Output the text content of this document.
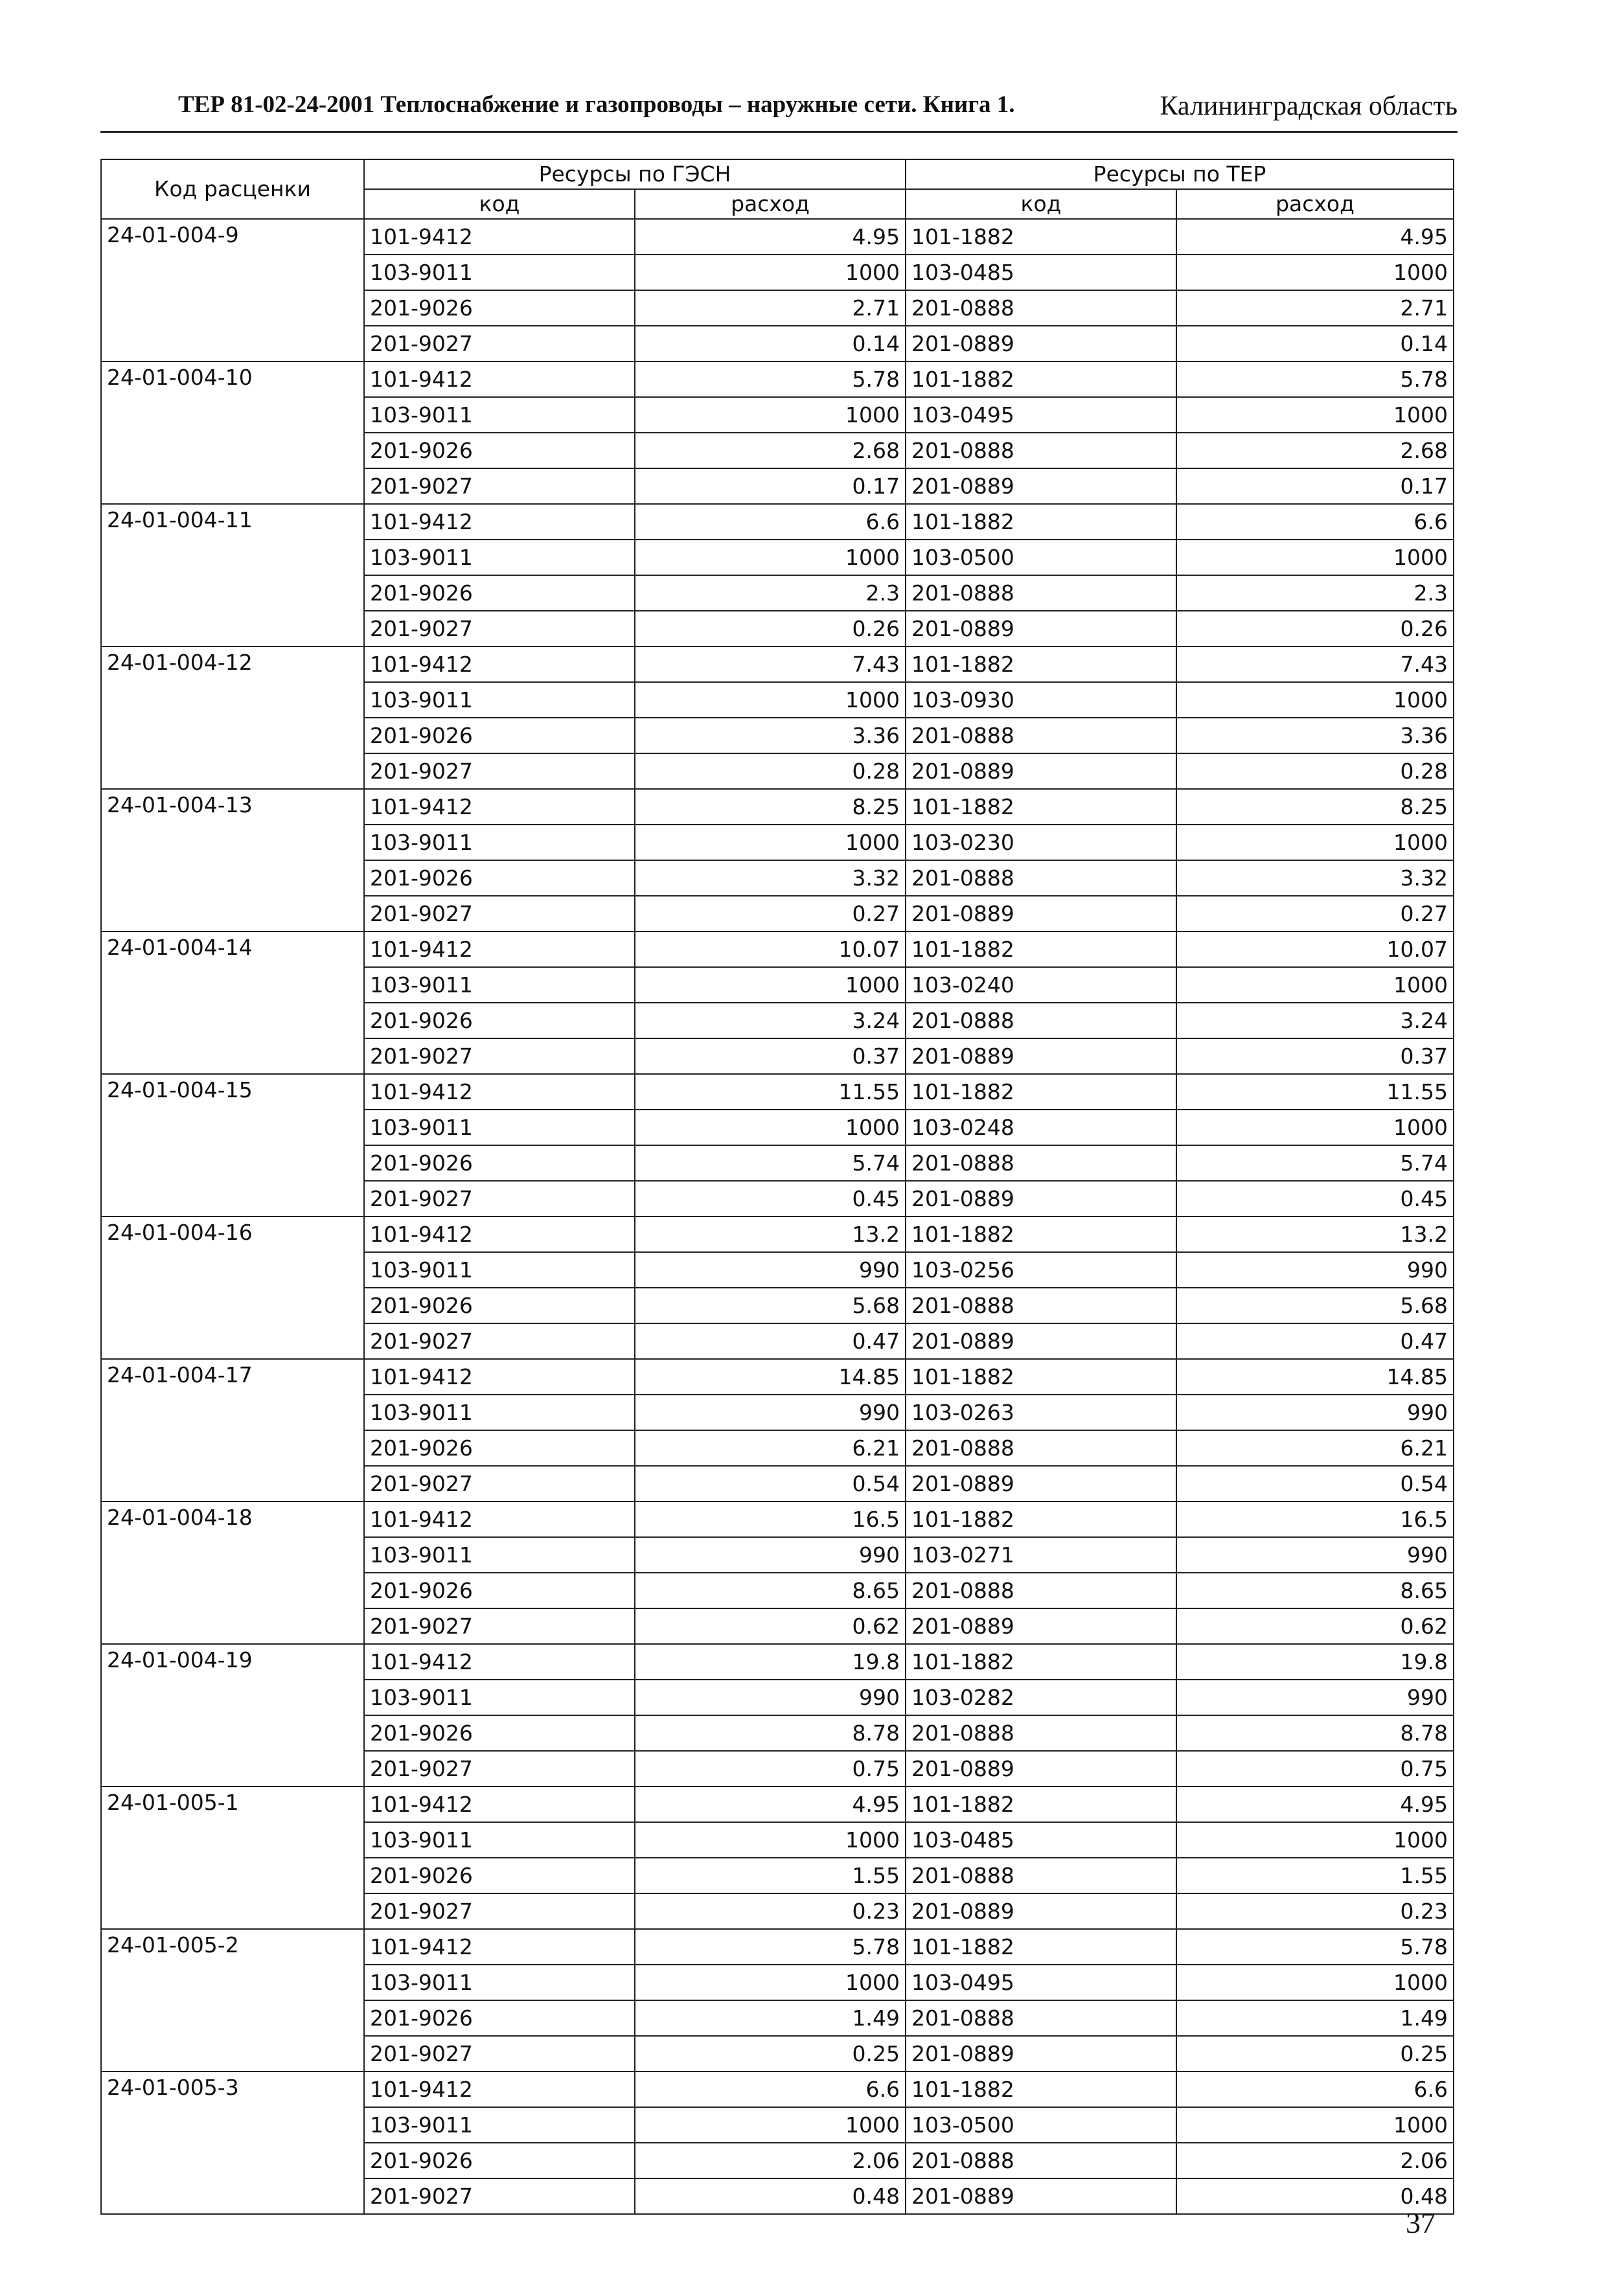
ТЕР 81-02-24-2001 Теплоснабжение и газопроводы – наружные сети. Книга 1.	Калининградская область
Код расценки	Ресурсы по ГЭСН		Ресурсы по ТЕР	
	код	расход	код	расход
24-01-004-9	101-9412	4.95	101-1882	4.95
	103-9011	1000	103-0485	1000
	201-9026	2.71	201-0888	2.71
	201-9027	0.14	201-0889	0.14
24-01-004-10	101-9412	5.78	101-1882	5.78
	103-9011	1000	103-0495	1000
	201-9026	2.68	201-0888	2.68
	201-9027	0.17	201-0889	0.17
24-01-004-11	101-9412	6.6	101-1882	6.6
	103-9011	1000	103-0500	1000
	201-9026	2.3	201-0888	2.3
	201-9027	0.26	201-0889	0.26
24-01-004-12	101-9412	7.43	101-1882	7.43
	103-9011	1000	103-0930	1000
	201-9026	3.36	201-0888	3.36
	201-9027	0.28	201-0889	0.28
24-01-004-13	101-9412	8.25	101-1882	8.25
	103-9011	1000	103-0230	1000
	201-9026	3.32	201-0888	3.32
	201-9027	0.27	201-0889	0.27
24-01-004-14	101-9412	10.07	101-1882	10.07
	103-9011	1000	103-0240	1000
	201-9026	3.24	201-0888	3.24
	201-9027	0.37	201-0889	0.37
24-01-004-15	101-9412	11.55	101-1882	11.55
	103-9011	1000	103-0248	1000
	201-9026	5.74	201-0888	5.74
	201-9027	0.45	201-0889	0.45
24-01-004-16	101-9412	13.2	101-1882	13.2
	103-9011	990	103-0256	990
	201-9026	5.68	201-0888	5.68
	201-9027	0.47	201-0889	0.47
24-01-004-17	101-9412	14.85	101-1882	14.85
	103-9011	990	103-0263	990
	201-9026	6.21	201-0888	6.21
	201-9027	0.54	201-0889	0.54
24-01-004-18	101-9412	16.5	101-1882	16.5
	103-9011	990	103-0271	990
	201-9026	8.65	201-0888	8.65
	201-9027	0.62	201-0889	0.62
24-01-004-19	101-9412	19.8	101-1882	19.8
	103-9011	990	103-0282	990
	201-9026	8.78	201-0888	8.78
	201-9027	0.75	201-0889	0.75
24-01-005-1	101-9412	4.95	101-1882	4.95
	103-9011	1000	103-0485	1000
	201-9026	1.55	201-0888	1.55
	201-9027	0.23	201-0889	0.23
24-01-005-2	101-9412	5.78	101-1882	5.78
	103-9011	1000	103-0495	1000
	201-9026	1.49	201-0888	1.49
	201-9027	0.25	201-0889	0.25
24-01-005-3	101-9412	6.6	101-1882	6.6
	103-9011	1000	103-0500	1000
	201-9026	2.06	201-0888	2.06
	201-9027	0.48	201-0889	0.48
37
